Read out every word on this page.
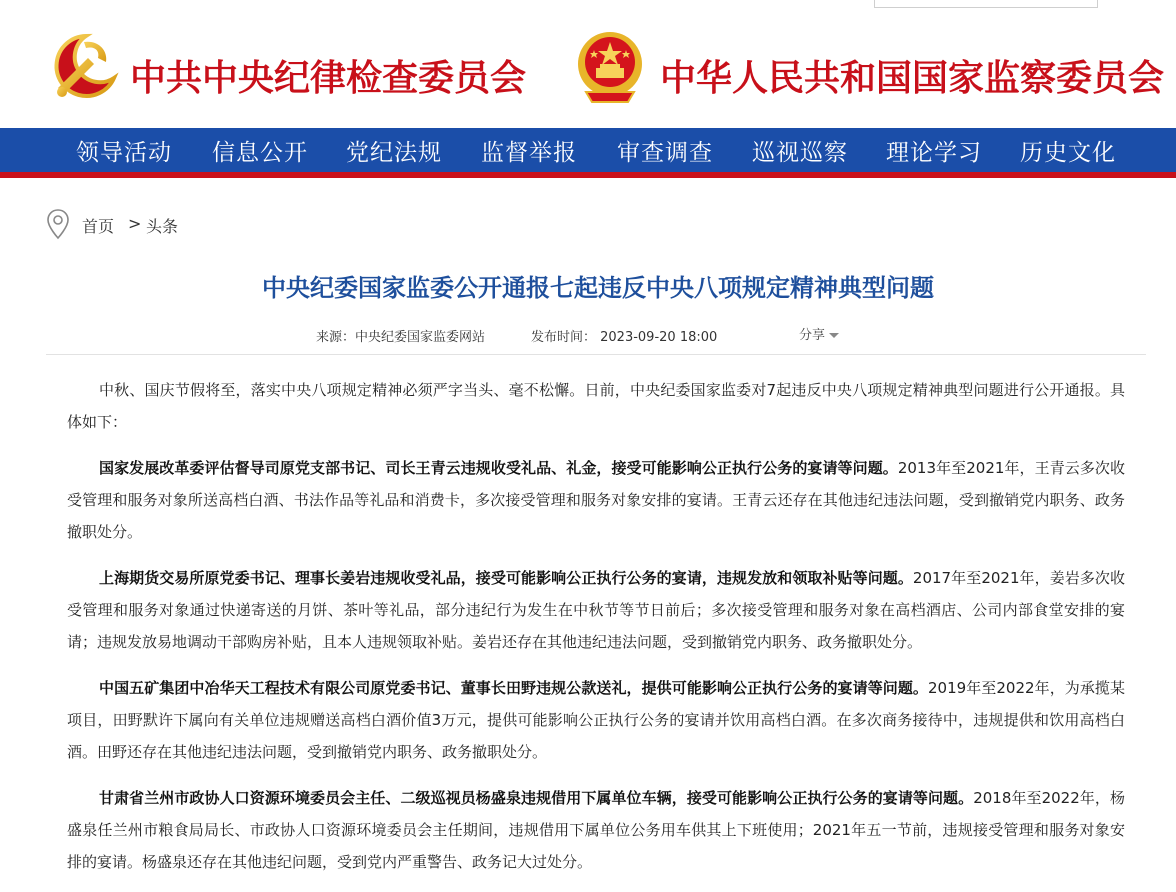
中共中央纪律检查委员会	中华人民共和国国家监察委员会
领导活动 信息公开 党纪法规 监督举报 审查调查 巡视巡察 理论学习 历史文化
首页 > 头条
中央纪委国家监委公开通报七起违反中央八项规定精神典型问题
来源：中央纪委国家监委网站	发布时间： 2023-09-20 18:00	分享

中秋、国庆节假将至，落实中央八项规定精神必须严字当头、毫不松懈。日前，中央纪委国家监委对7起违反中央八项规定精神典型问题进行公开通报。具体如下：

国家发展改革委评估督导司原党支部书记、司长王青云违规收受礼品、礼金，接受可能影响公正执行公务的宴请等问题。2013年至2021年，王青云多次收受管理和服务对象所送高档白酒、书法作品等礼品和消费卡，多次接受管理和服务对象安排的宴请。王青云还存在其他违纪违法问题，受到撤销党内职务、政务撤职处分。

上海期货交易所原党委书记、理事长姜岩违规收受礼品，接受可能影响公正执行公务的宴请，违规发放和领取补贴等问题。2017年至2021年，姜岩多次收受管理和服务对象通过快递寄送的月饼、茶叶等礼品，部分违纪行为发生在中秋节等节日前后；多次接受管理和服务对象在高档酒店、公司内部食堂安排的宴请；违规发放易地调动干部购房补贴，且本人违规领取补贴。姜岩还存在其他违纪违法问题，受到撤销党内职务、政务撤职处分。

中国五矿集团中冶华天工程技术有限公司原党委书记、董事长田野违规公款送礼，提供可能影响公正执行公务的宴请等问题。2019年至2022年，为承揽某项目，田野默许下属向有关单位违规赠送高档白酒价值3万元，提供可能影响公正执行公务的宴请并饮用高档白酒。在多次商务接待中，违规提供和饮用高档白酒。田野还存在其他违纪违法问题，受到撤销党内职务、政务撤职处分。

甘肃省兰州市政协人口资源环境委员会主任、二级巡视员杨盛泉违规借用下属单位车辆，接受可能影响公正执行公务的宴请等问题。2018年至2022年，杨盛泉任兰州市粮食局局长、市政协人口资源环境委员会主任期间，违规借用下属单位公务用车供其上下班使用；2021年五一节前，违规接受管理和服务对象安排的宴请。杨盛泉还存在其他违纪问题，受到党内严重警告、政务记大过处分。
